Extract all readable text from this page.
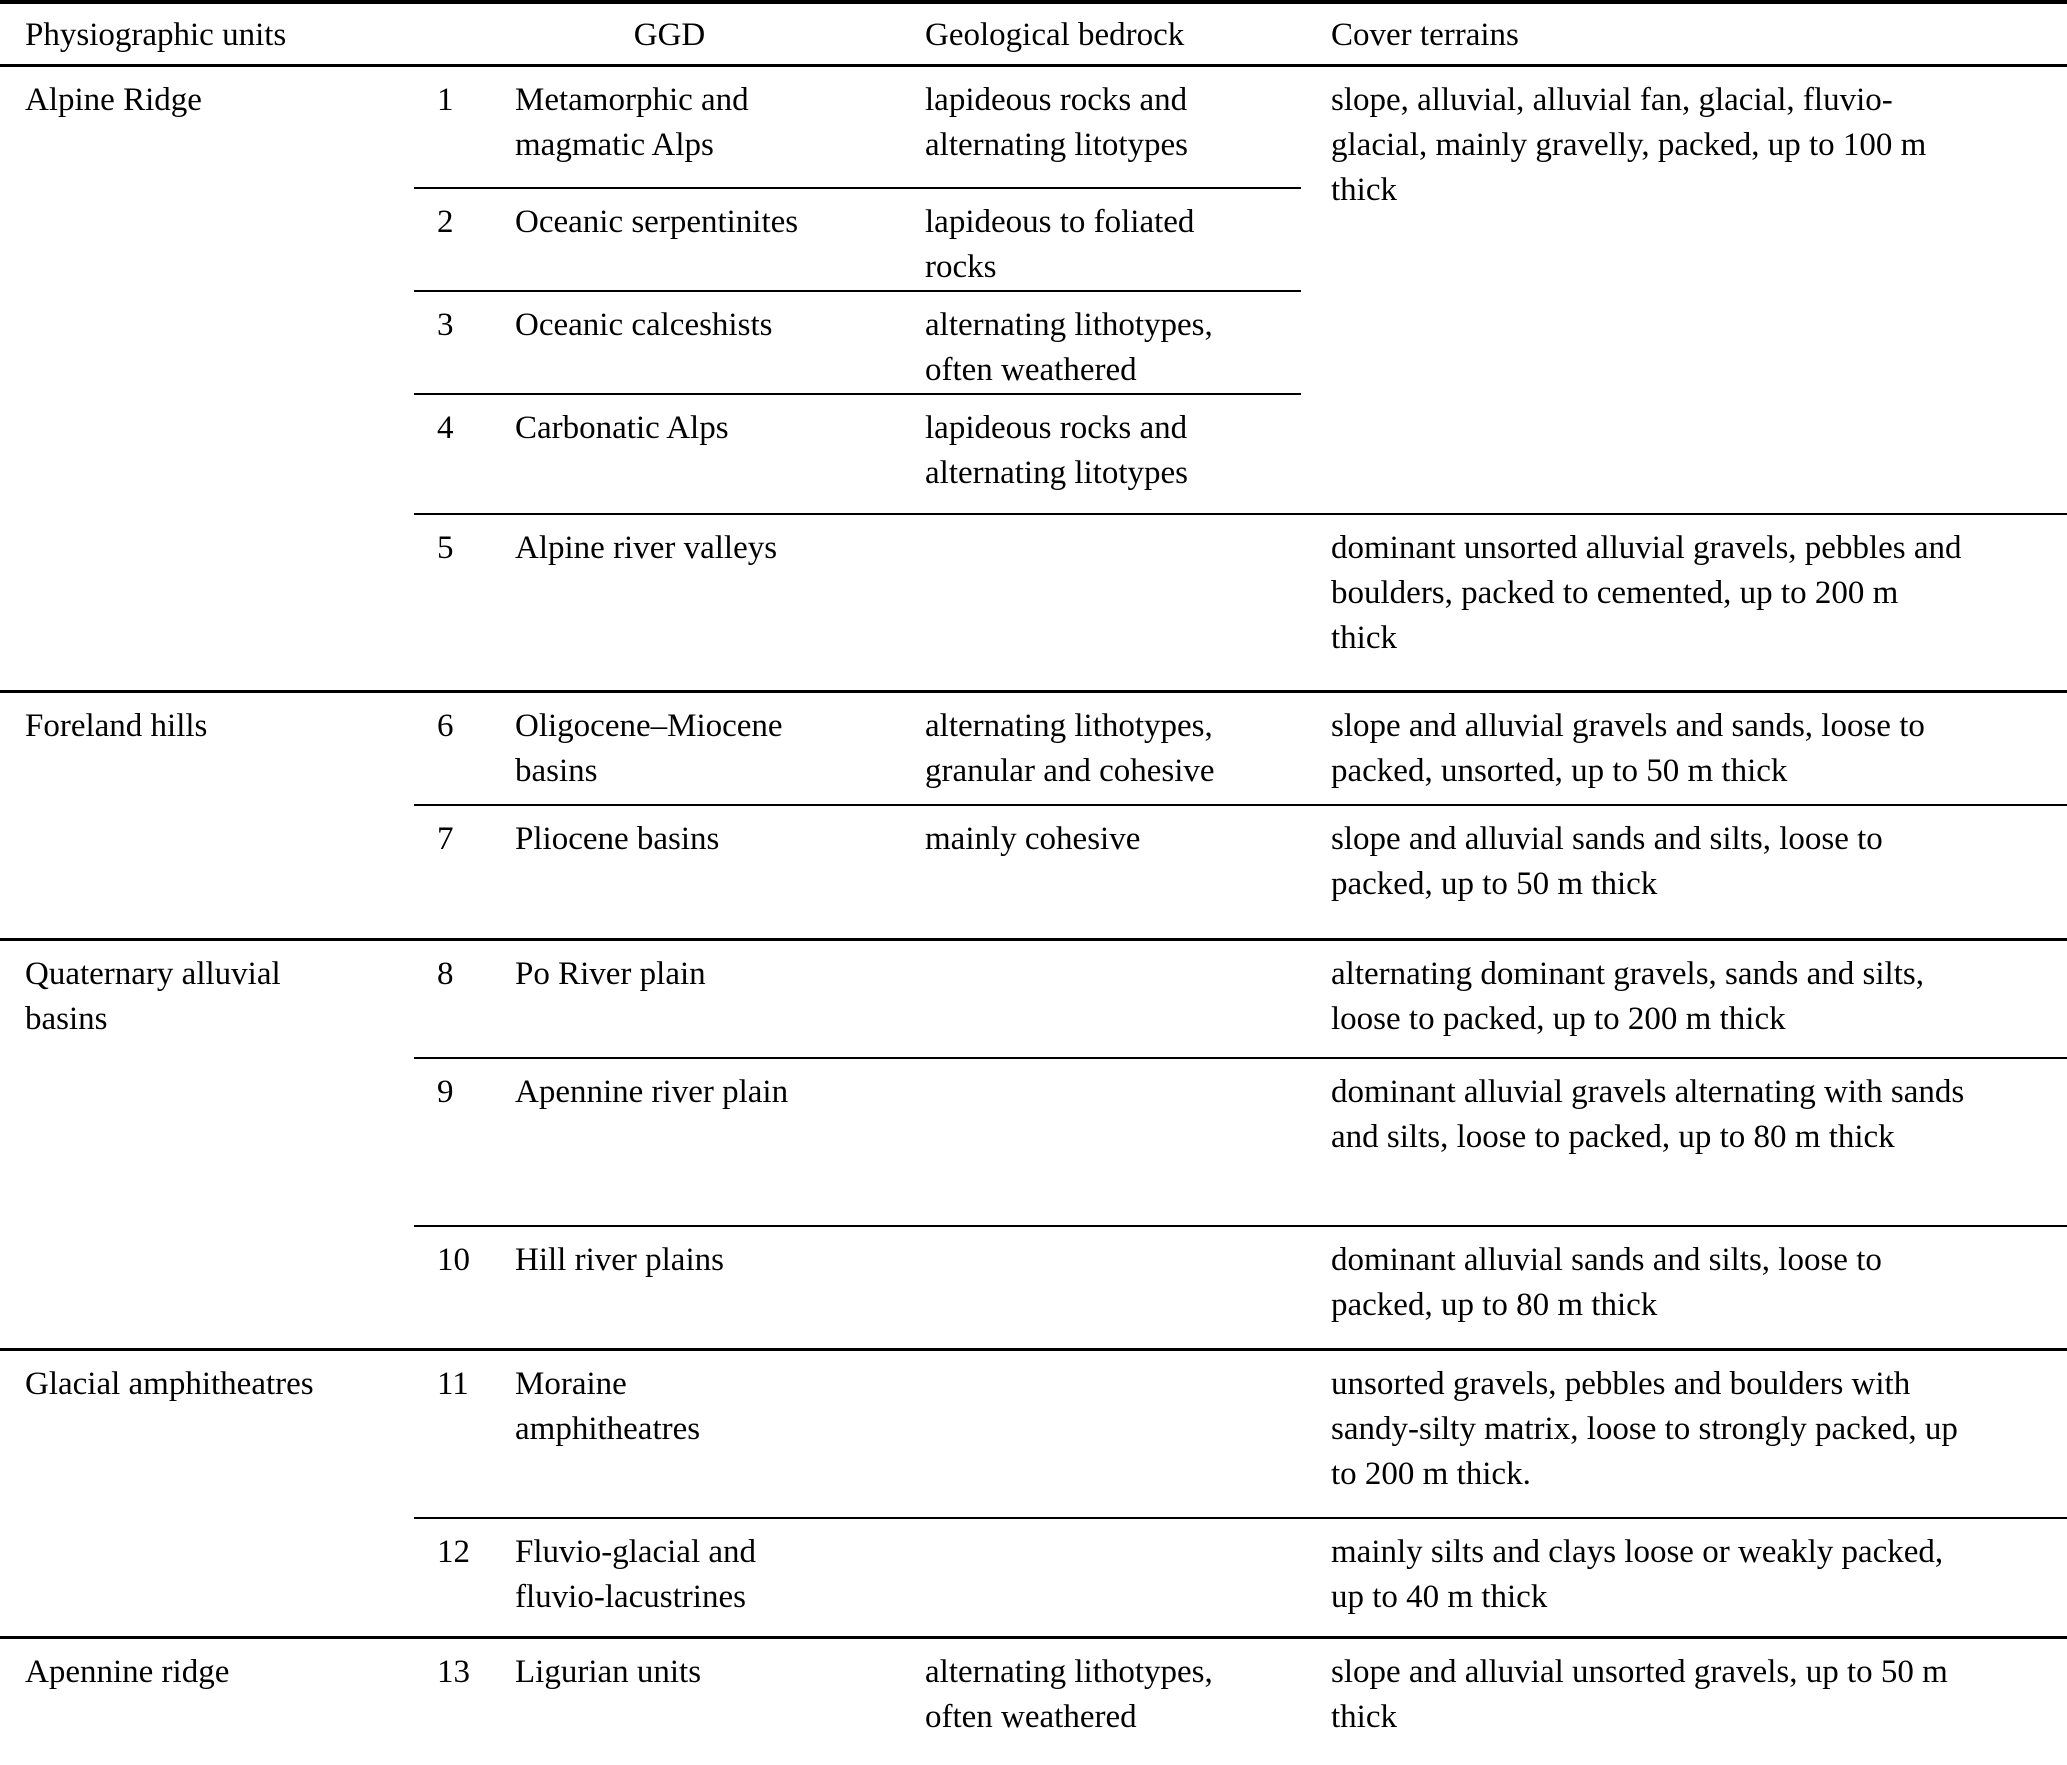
Physiographic units	GGD		Geological bedrock	Cover terrains
Alpine Ridge	1	Metamorphic and magmatic Alps	lapideous rocks and alternating litotypes	slope, alluvial, alluvial fan, glacial, fluvio-glacial, mainly gravelly, packed, up to 100 m thick
	2	Oceanic serpentinites	lapideous to foliated rocks	
	3	Oceanic calceshists	alternating lithotypes, often weathered	
	4	Carbonatic Alps	lapideous rocks and alternating litotypes	
	5	Alpine river valleys		dominant unsorted alluvial gravels, pebbles and boulders, packed to cemented, up to 200 m thick
Foreland hills	6	Oligocene–Miocene basins	alternating lithotypes, granular and cohesive	slope and alluvial gravels and sands, loose to packed, unsorted, up to 50 m thick
	7	Pliocene basins	mainly cohesive	slope and alluvial sands and silts, loose to packed, up to 50 m thick
Quaternary alluvial basins	8	Po River plain		alternating dominant gravels, sands and silts, loose to packed, up to 200 m thick
	9	Apennine river plain		dominant alluvial gravels alternating with sands and silts, loose to packed, up to 80 m thick
	10	Hill river plains		dominant alluvial sands and silts, loose to packed, up to 80 m thick
Glacial amphitheatres	11	Moraine amphitheatres		unsorted gravels, pebbles and boulders with sandy-silty matrix, loose to strongly packed, up to 200 m thick.
	12	Fluvio-glacial and fluvio-lacustrines		mainly silts and clays loose or weakly packed, up to 40 m thick
Apennine ridge	13	Ligurian units	alternating lithotypes, often weathered	slope and alluvial unsorted gravels, up to 50 m thick
